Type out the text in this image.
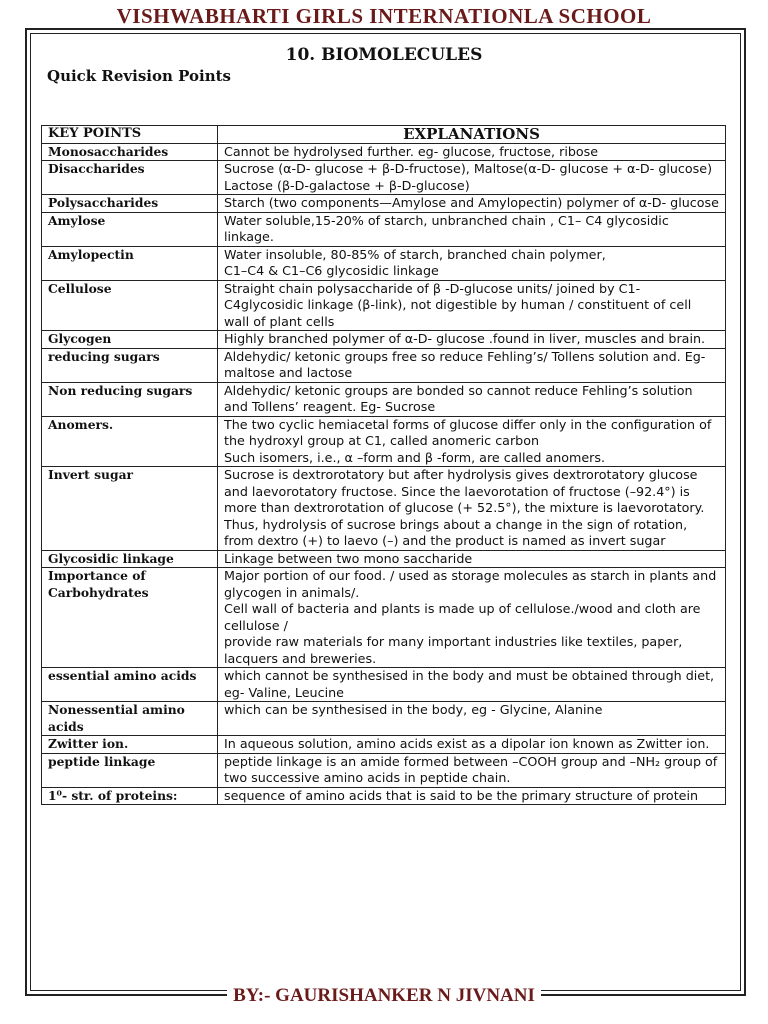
VISHWABHARTI GIRLS INTERNATIONLA SCHOOL
10. BIOMOLECULES
Quick Revision Points
KEY POINTS	EXPLANATIONS
Monosaccharides	Cannot be hydrolysed further. eg- glucose, fructose, ribose

Disaccharides	Sucrose (α-D- glucose + β-D-fructose), Maltose(α-D- glucose + α-D- glucose)
Lactose (β-D-galactose + β-D-glucose)

Polysaccharides	Starch (two components—Amylose and Amylopectin) polymer of α-D- glucose

Amylose	Water soluble,15-20% of starch, unbranched chain , C1– C4 glycosidic linkage.

Amylopectin	Water insoluble, 80-85% of starch, branched chain polymer,
C1–C4 & C1–C6 glycosidic linkage

Cellulose	Straight chain polysaccharide of β -D-glucose units/ joined by C1-C4glycosidic linkage (β-link), not digestible by human / constituent of cell wall of plant cells

Glycogen	Highly branched polymer of α-D- glucose .found in liver, muscles and brain.

reducing sugars	Aldehydic/ ketonic groups free so reduce Fehling’s/ Tollens solution and. Eg- maltose and lactose

Non reducing sugars	Aldehydic/ ketonic groups are bonded so cannot reduce Fehling’s solution and Tollens’ reagent. Eg- Sucrose

Anomers.	The two cyclic hemiacetal forms of glucose differ only in the configuration of the hydroxyl group at C1, called anomeric carbon
Such isomers, i.e., α –form and β -form, are called anomers.

Invert sugar	Sucrose is dextrorotatory but after hydrolysis gives dextrorotatory glucose and laevorotatory fructose. Since the laevorotation of fructose (–92.4°) is more than dextrorotation of glucose (+ 52.5°), the mixture is laevorotatory. Thus, hydrolysis of sucrose brings about a change in the sign of rotation, from dextro (+) to laevo (–) and the product is named as invert sugar

Glycosidic linkage	Linkage between two mono saccharide

Importance of Carbohydrates	Major portion of our food. / used as storage molecules as starch in plants and glycogen in animals/.
Cell wall of bacteria and plants is made up of cellulose./wood and cloth are cellulose /
provide raw materials for many important industries like textiles, paper, lacquers and breweries.

essential amino acids	which cannot be synthesised in the body and must be obtained through diet, eg- Valine, Leucine

Nonessential amino acids	which can be synthesised in the body, eg - Glycine, Alanine

Zwitter ion.	In aqueous solution, amino acids exist as a dipolar ion known as Zwitter ion.

peptide linkage	peptide linkage is an amide formed between –COOH group and –NH₂ group of two successive amino acids in peptide chain.

1⁰- str. of proteins:	sequence of amino acids that is said to be the primary structure of protein
BY:- GAURISHANKER N JIVNANI
